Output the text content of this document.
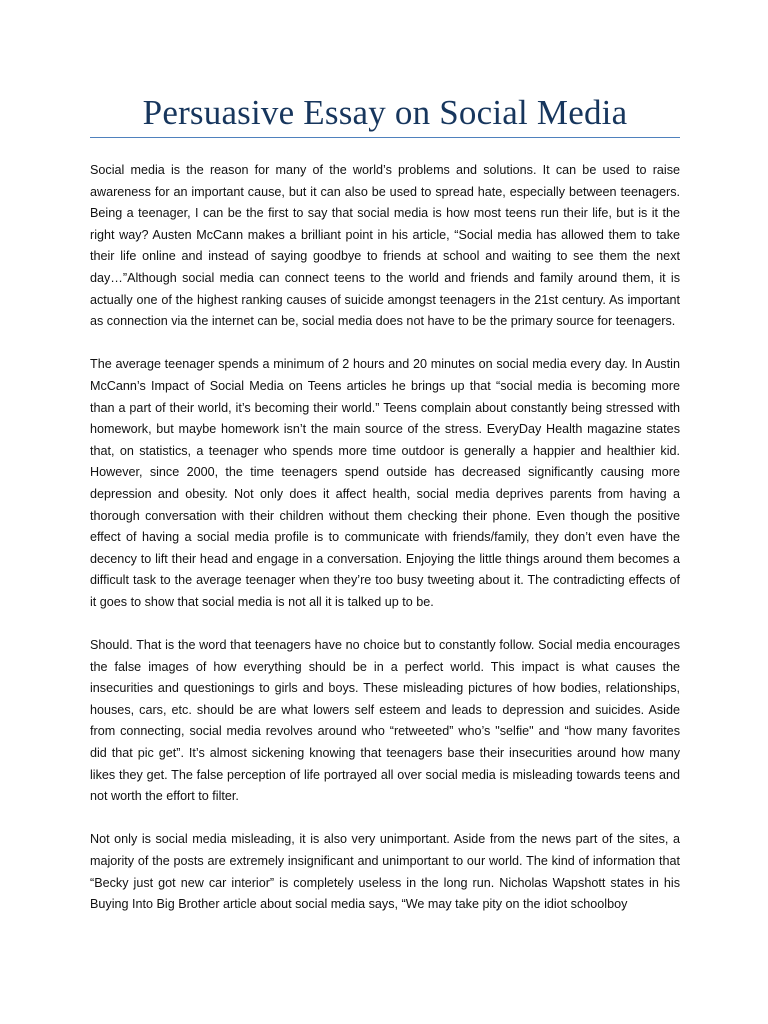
Persuasive Essay on Social Media

Social media is the reason for many of the world’s problems and solutions. It can be used to raise awareness for an important cause, but it can also be used to spread hate, especially between teenagers. Being a teenager, I can be the first to say that social media is how most teens run their life, but is it the right way? Austen McCann makes a brilliant point in his article, “Social media has allowed them to take their life online and instead of saying goodbye to friends at school and waiting to see them the next day…”Although social media can connect teens to the world and friends and family around them, it is actually one of the highest ranking causes of suicide amongst teenagers in the 21st century. As important as connection via the internet can be, social media does not have to be the primary source for teenagers.

The average teenager spends a minimum of 2 hours and 20 minutes on social media every day. In Austin McCann’s Impact of Social Media on Teens articles he brings up that “social media is becoming more than a part of their world, it’s becoming their world.” Teens complain about constantly being stressed with homework, but maybe homework isn’t the main source of the stress. EveryDay Health magazine states that, on statistics, a teenager who spends more time outdoor is generally a happier and healthier kid. However, since 2000, the time teenagers spend outside has decreased significantly causing more depression and obesity. Not only does it affect health, social media deprives parents from having a thorough conversation with their children without them checking their phone. Even though the positive effect of having a social media profile is to communicate with friends/family, they don’t even have the decency to lift their head and engage in a conversation. Enjoying the little things around them becomes a difficult task to the average teenager when they’re too busy tweeting about it. The contradicting effects of it goes to show that social media is not all it is talked up to be.

Should. That is the word that teenagers have no choice but to constantly follow. Social media encourages the false images of how everything should be in a perfect world. This impact is what causes the insecurities and questionings to girls and boys. These misleading pictures of how bodies, relationships, houses, cars, etc. should be are what lowers self esteem and leads to depression and suicides. Aside from connecting, social media revolves around who “retweeted” who’s "selfie" and “how many favorites did that pic get”. It’s almost sickening knowing that teenagers base their insecurities around how many likes they get. The false perception of life portrayed all over social media is misleading towards teens and not worth the effort to filter.

Not only is social media misleading, it is also very unimportant. Aside from the news part of the sites, a majority of the posts are extremely insignificant and unimportant to our world. The kind of information that “Becky just got new car interior” is completely useless in the long run. Nicholas Wapshott states in his Buying Into Big Brother article about social media says, “We may take pity on the idiot schoolboy
